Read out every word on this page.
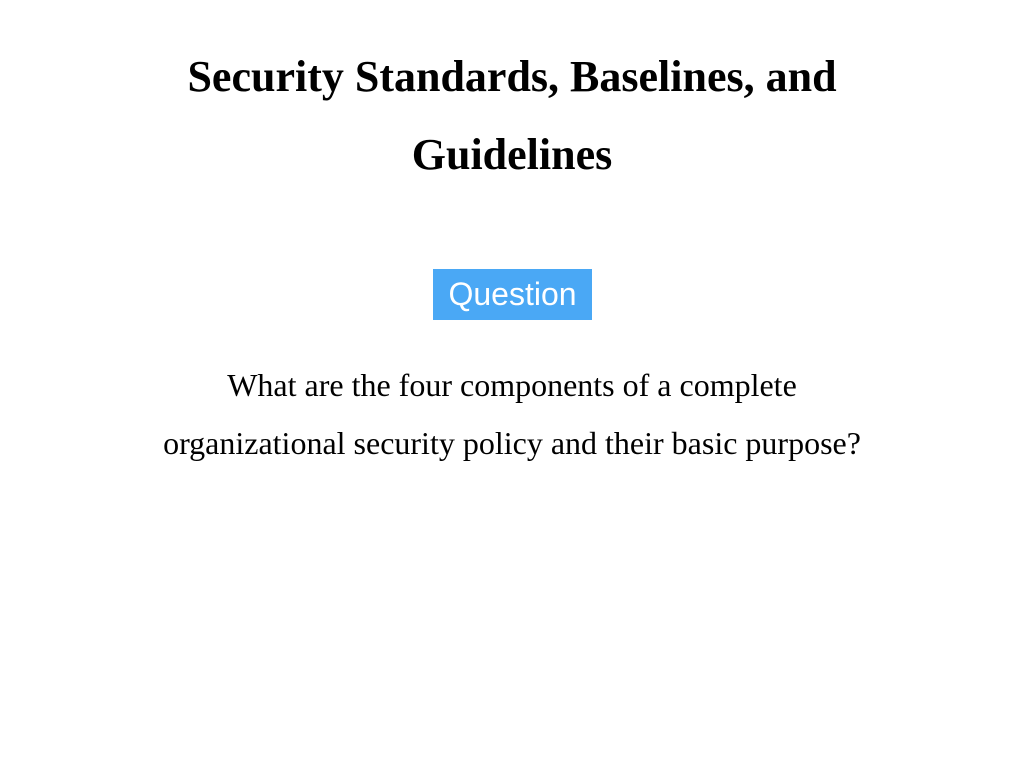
Security Standards, Baselines, and
Guidelines
Question
What are the four components of a complete
organizational security policy and their basic purpose?
